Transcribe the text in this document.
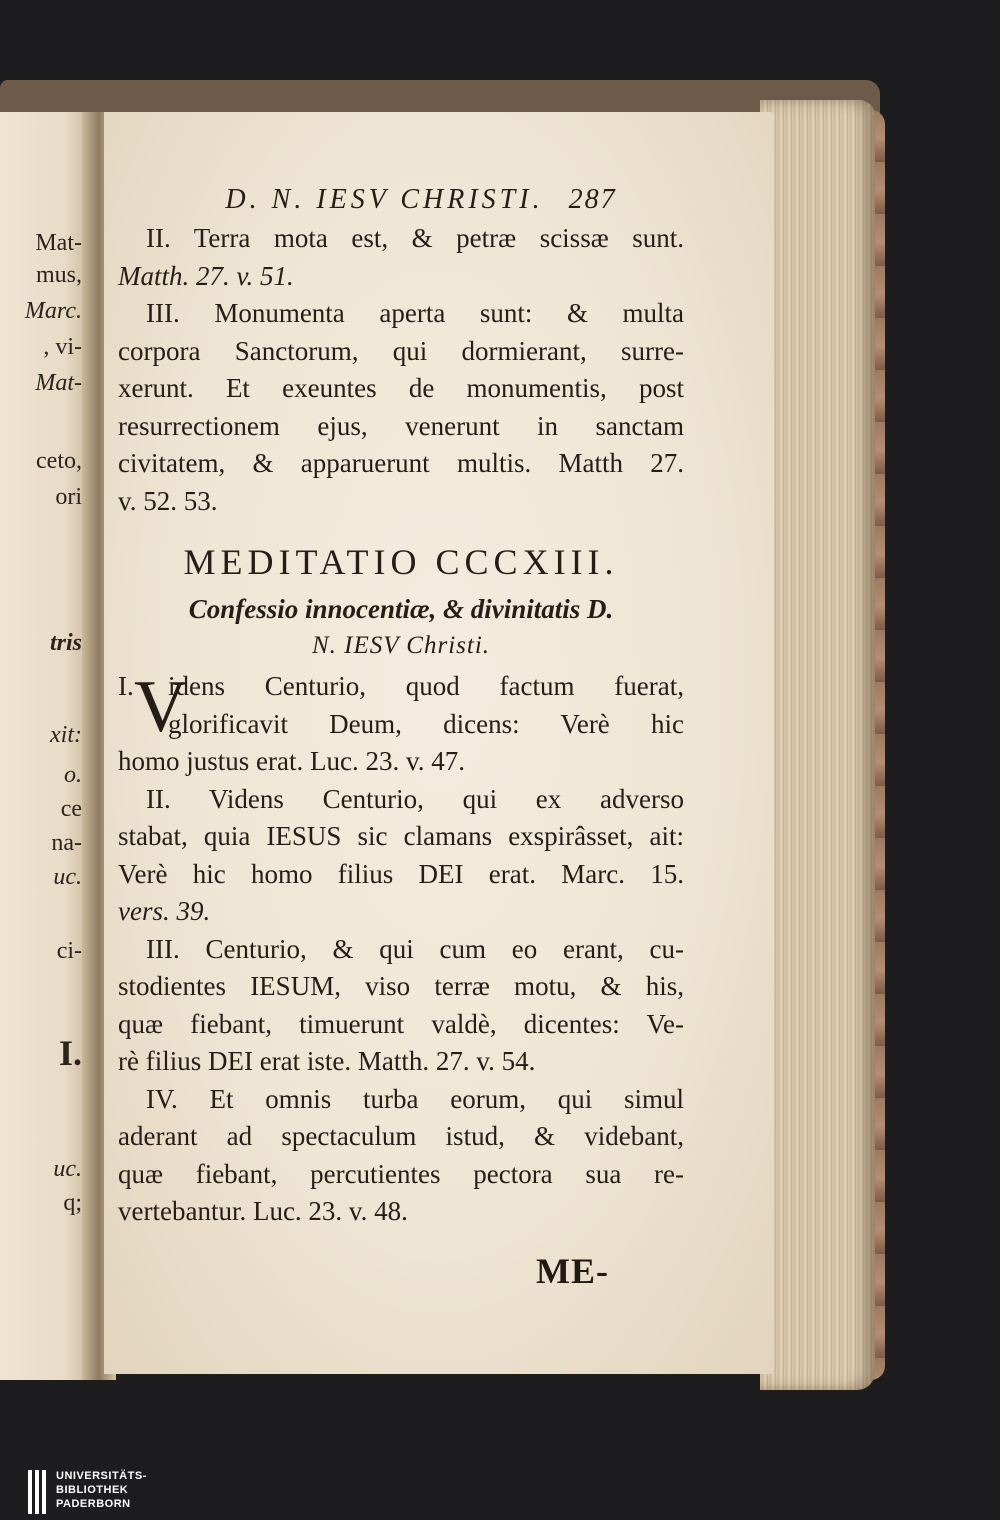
Mat-
mus,
Marc.
, vi-
Mat-
ceto,
ori
tris
xit:
o.
ce
na-
uc.
ci-
I.
uc.
q;
D. N. IESV CHRISTI. 287
II. Terra mota est, & petræ scissæ sunt.
Matth. 27. v. 51.
III. Monumenta aperta sunt: & multa
corpora Sanctorum, qui dormierant, surre-
xerunt. Et exeuntes de monumentis, post
resurrectionem ejus, venerunt in sanctam
civitatem, & apparuerunt multis. Matth 27.
v. 52. 53.
MEDITATIO CCCXIII.
Confessio innocentiæ, & divinitatis D.
N. IESV Christi.
I. V
idens Centurio, quod factum fuerat,
glorificavit Deum, dicens: Verè hic
homo justus erat. Luc. 23. v. 47.
II. Videns Centurio, qui ex adverso
stabat, quia IESUS sic clamans exspirâsset, ait:
Verè hic homo filius DEI erat. Marc. 15.
vers. 39.
III. Centurio, & qui cum eo erant, cu-
stodientes IESUM, viso terræ motu, & his,
quæ fiebant, timuerunt valdè, dicentes: Ve-
rè filius DEI erat iste. Matth. 27. v. 54.
IV. Et omnis turba eorum, qui simul
aderant ad spectaculum istud, & videbant,
quæ fiebant, percutientes pectora sua re-
vertebantur. Luc. 23. v. 48.
ME-
UNIVERSITÄTS-
BIBLIOTHEK
PADERBORN
